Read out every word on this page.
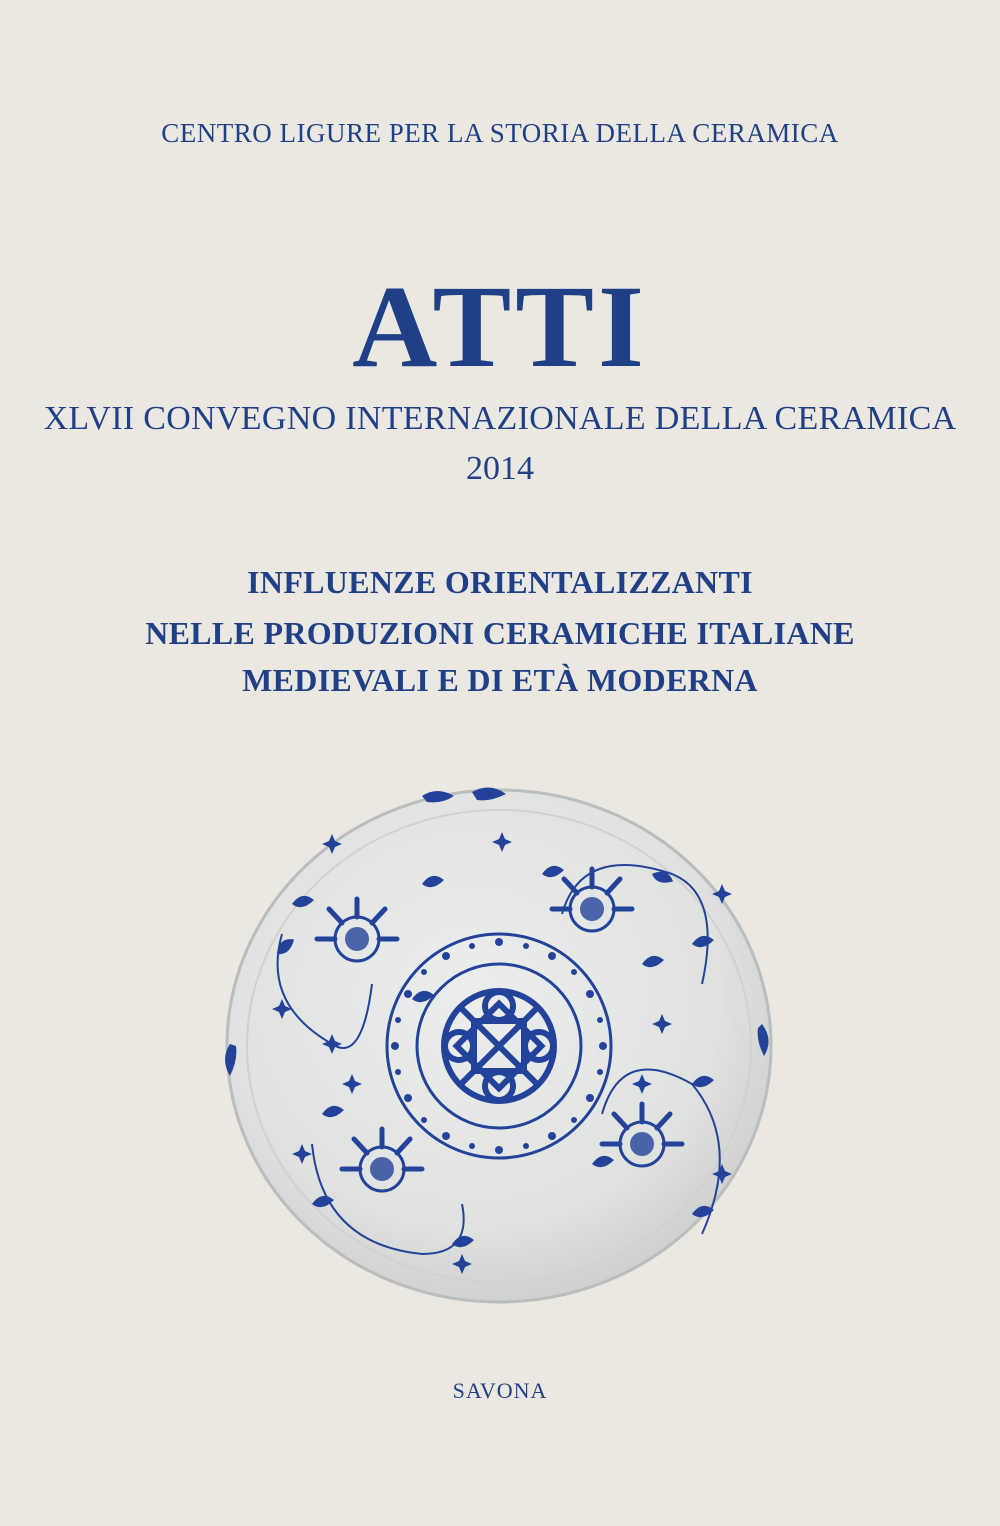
CENTRO LIGURE PER LA STORIA DELLA CERAMICA
ATTI
XLVII CONVEGNO INTERNAZIONALE DELLA CERAMICA
2014
INFLUENZE ORIENTALIZZANTI
NELLE PRODUZIONI CERAMICHE ITALIANE
MEDIEVALI E DI ETÀ MODERNA
SAVONA
